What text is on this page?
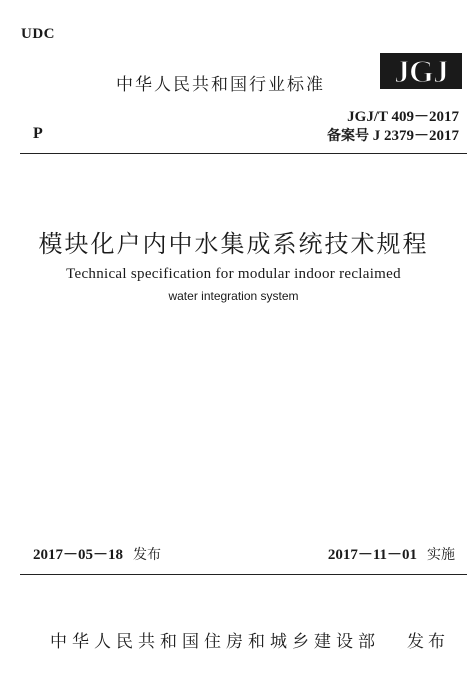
UDC
中华人民共和国行业标准 JGJ
P
JGJ/T 409－2017
备案号 J 2379－2017
模块化户内中水集成系统技术规程
Technical specification for modular indoor reclaimed
water integration system
2017－05－18 发布	2017－11－01 实施
中华人民共和国住房和城乡建设部 发布
